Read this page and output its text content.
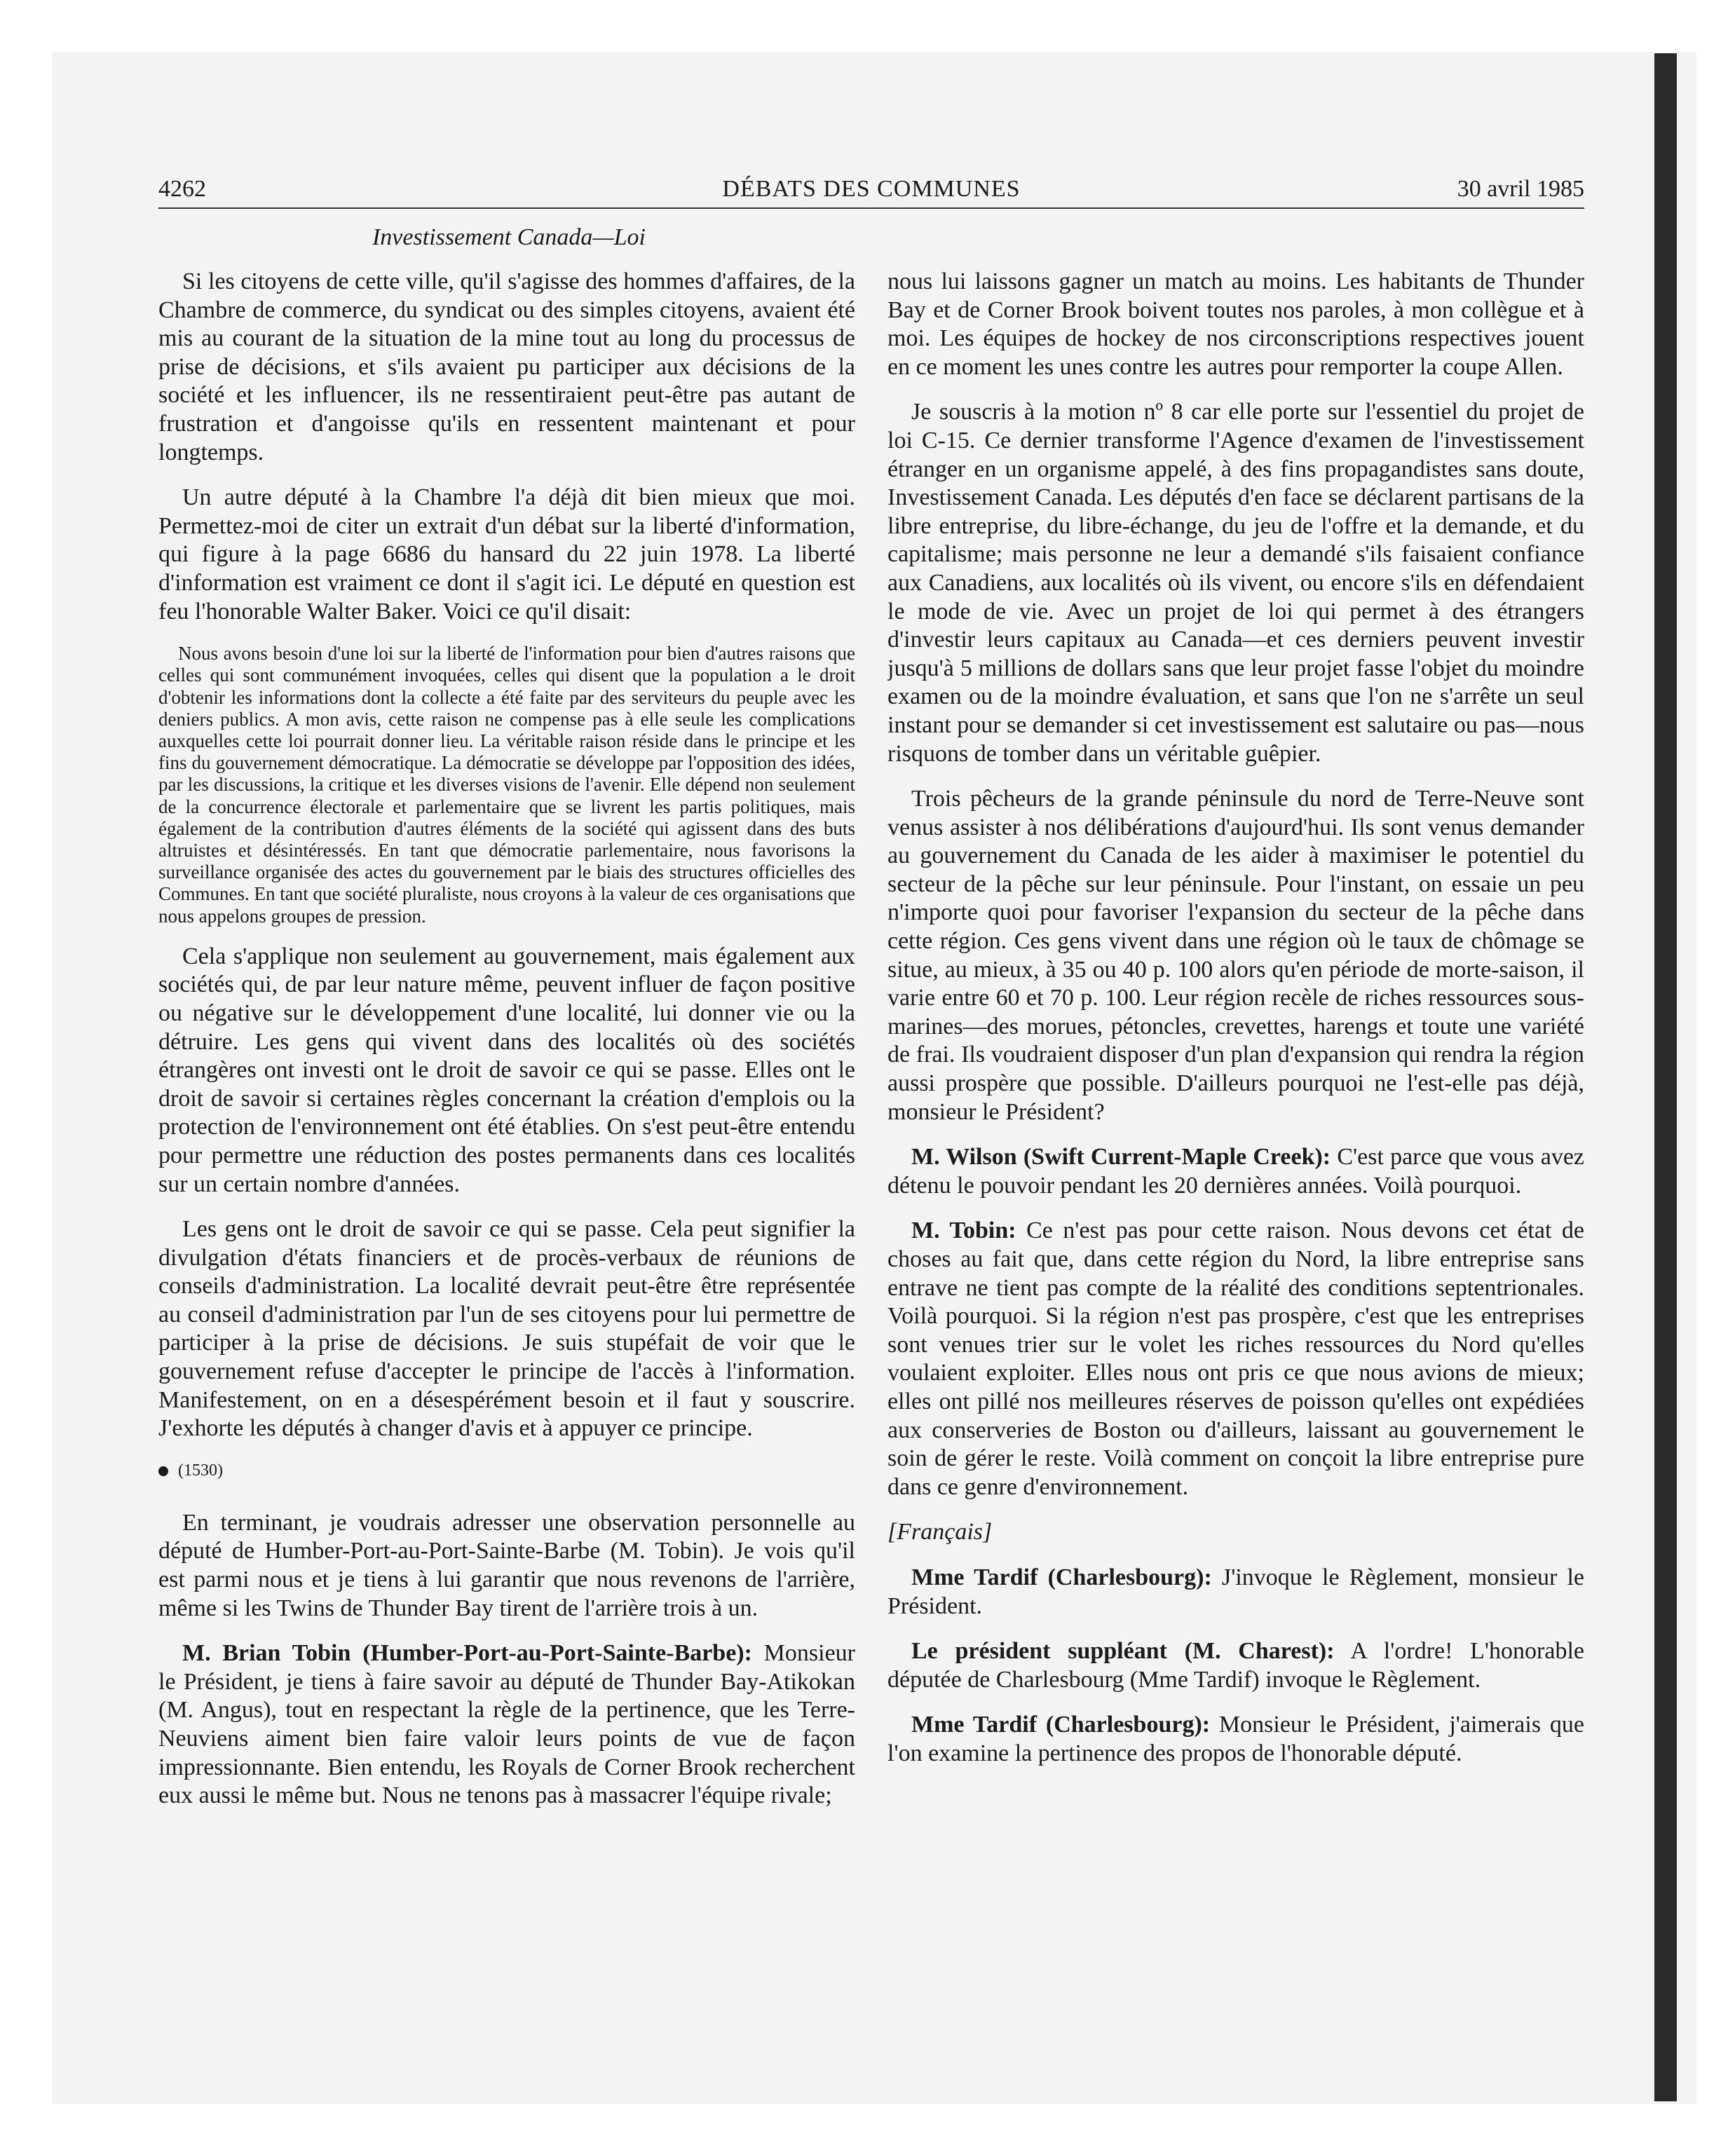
4262	DÉBATS DES COMMUNES	30 avril 1985
Investissement Canada—Loi

Si les citoyens de cette ville, qu'il s'agisse des hommes d'affaires, de la Chambre de commerce, du syndicat ou des simples citoyens, avaient été mis au courant de la situation de la mine tout au long du processus de prise de décisions, et s'ils avaient pu participer aux décisions de la société et les influencer, ils ne ressentiraient peut-être pas autant de frustration et d'angoisse qu'ils en ressentent maintenant et pour longtemps.

Un autre député à la Chambre l'a déjà dit bien mieux que moi. Permettez-moi de citer un extrait d'un débat sur la liberté d'information, qui figure à la page 6686 du hansard du 22 juin 1978. La liberté d'information est vraiment ce dont il s'agit ici. Le député en question est feu l'honorable Walter Baker. Voici ce qu'il disait:

Nous avons besoin d'une loi sur la liberté de l'information pour bien d'autres raisons que celles qui sont communément invoquées, celles qui disent que la population a le droit d'obtenir les informations dont la collecte a été faite par des serviteurs du peuple avec les deniers publics. A mon avis, cette raison ne compense pas à elle seule les complications auxquelles cette loi pourrait donner lieu. La véritable raison réside dans le principe et les fins du gouvernement démocratique. La démocratie se développe par l'opposition des idées, par les discussions, la critique et les diverses visions de l'avenir. Elle dépend non seulement de la concurrence électorale et parlementaire que se livrent les partis politiques, mais également de la contribution d'autres éléments de la société qui agissent dans des buts altruistes et désintéressés. En tant que démocratie parlementaire, nous favorisons la surveillance organisée des actes du gouvernement par le biais des structures officielles des Communes. En tant que société pluraliste, nous croyons à la valeur de ces organisations que nous appelons groupes de pression.

Cela s'applique non seulement au gouvernement, mais également aux sociétés qui, de par leur nature même, peuvent influer de façon positive ou négative sur le développement d'une localité, lui donner vie ou la détruire. Les gens qui vivent dans des localités où des sociétés étrangères ont investi ont le droit de savoir ce qui se passe. Elles ont le droit de savoir si certaines règles concernant la création d'emplois ou la protection de l'environnement ont été établies. On s'est peut-être entendu pour permettre une réduction des postes permanents dans ces localités sur un certain nombre d'années.

Les gens ont le droit de savoir ce qui se passe. Cela peut signifier la divulgation d'états financiers et de procès-verbaux de réunions de conseils d'administration. La localité devrait peut-être être représentée au conseil d'administration par l'un de ses citoyens pour lui permettre de participer à la prise de décisions. Je suis stupéfait de voir que le gouvernement refuse d'accepter le principe de l'accès à l'information. Manifestement, on en a désespérément besoin et il faut y souscrire. J'exhorte les députés à changer d'avis et à appuyer ce principe.

(1530)

En terminant, je voudrais adresser une observation personnelle au député de Humber-Port-au-Port-Sainte-Barbe (M. Tobin). Je vois qu'il est parmi nous et je tiens à lui garantir que nous revenons de l'arrière, même si les Twins de Thunder Bay tirent de l'arrière trois à un.

M. Brian Tobin (Humber-Port-au-Port-Sainte-Barbe): Monsieur le Président, je tiens à faire savoir au député de Thunder Bay-Atikokan (M. Angus), tout en respectant la règle de la pertinence, que les Terre-Neuviens aiment bien faire valoir leurs points de vue de façon impressionnante. Bien entendu, les Royals de Corner Brook recherchent eux aussi le même but. Nous ne tenons pas à massacrer l'équipe rivale;

nous lui laissons gagner un match au moins. Les habitants de Thunder Bay et de Corner Brook boivent toutes nos paroles, à mon collègue et à moi. Les équipes de hockey de nos circonscriptions respectives jouent en ce moment les unes contre les autres pour remporter la coupe Allen.

Je souscris à la motion nº 8 car elle porte sur l'essentiel du projet de loi C-15. Ce dernier transforme l'Agence d'examen de l'investissement étranger en un organisme appelé, à des fins propagandistes sans doute, Investissement Canada. Les députés d'en face se déclarent partisans de la libre entreprise, du libre-échange, du jeu de l'offre et la demande, et du capitalisme; mais personne ne leur a demandé s'ils faisaient confiance aux Canadiens, aux localités où ils vivent, ou encore s'ils en défendaient le mode de vie. Avec un projet de loi qui permet à des étrangers d'investir leurs capitaux au Canada—et ces derniers peuvent investir jusqu'à 5 millions de dollars sans que leur projet fasse l'objet du moindre examen ou de la moindre évaluation, et sans que l'on ne s'arrête un seul instant pour se demander si cet investissement est salutaire ou pas—nous risquons de tomber dans un véritable guêpier.

Trois pêcheurs de la grande péninsule du nord de Terre-Neuve sont venus assister à nos délibérations d'aujourd'hui. Ils sont venus demander au gouvernement du Canada de les aider à maximiser le potentiel du secteur de la pêche sur leur péninsule. Pour l'instant, on essaie un peu n'importe quoi pour favoriser l'expansion du secteur de la pêche dans cette région. Ces gens vivent dans une région où le taux de chômage se situe, au mieux, à 35 ou 40 p. 100 alors qu'en période de morte-saison, il varie entre 60 et 70 p. 100. Leur région recèle de riches ressources sous-marines—des morues, pétoncles, crevettes, harengs et toute une variété de frai. Ils voudraient disposer d'un plan d'expansion qui rendra la région aussi prospère que possible. D'ailleurs pourquoi ne l'est-elle pas déjà, monsieur le Président?

M. Wilson (Swift Current-Maple Creek): C'est parce que vous avez détenu le pouvoir pendant les 20 dernières années. Voilà pourquoi.

M. Tobin: Ce n'est pas pour cette raison. Nous devons cet état de choses au fait que, dans cette région du Nord, la libre entreprise sans entrave ne tient pas compte de la réalité des conditions septentrionales. Voilà pourquoi. Si la région n'est pas prospère, c'est que les entreprises sont venues trier sur le volet les riches ressources du Nord qu'elles voulaient exploiter. Elles nous ont pris ce que nous avions de mieux; elles ont pillé nos meilleures réserves de poisson qu'elles ont expédiées aux conserveries de Boston ou d'ailleurs, laissant au gouvernement le soin de gérer le reste. Voilà comment on conçoit la libre entreprise pure dans ce genre d'environnement.

[Français]

Mme Tardif (Charlesbourg): J'invoque le Règlement, monsieur le Président.

Le président suppléant (M. Charest): A l'ordre! L'honorable députée de Charlesbourg (Mme Tardif) invoque le Règlement.

Mme Tardif (Charlesbourg): Monsieur le Président, j'aimerais que l'on examine la pertinence des propos de l'honorable député.
